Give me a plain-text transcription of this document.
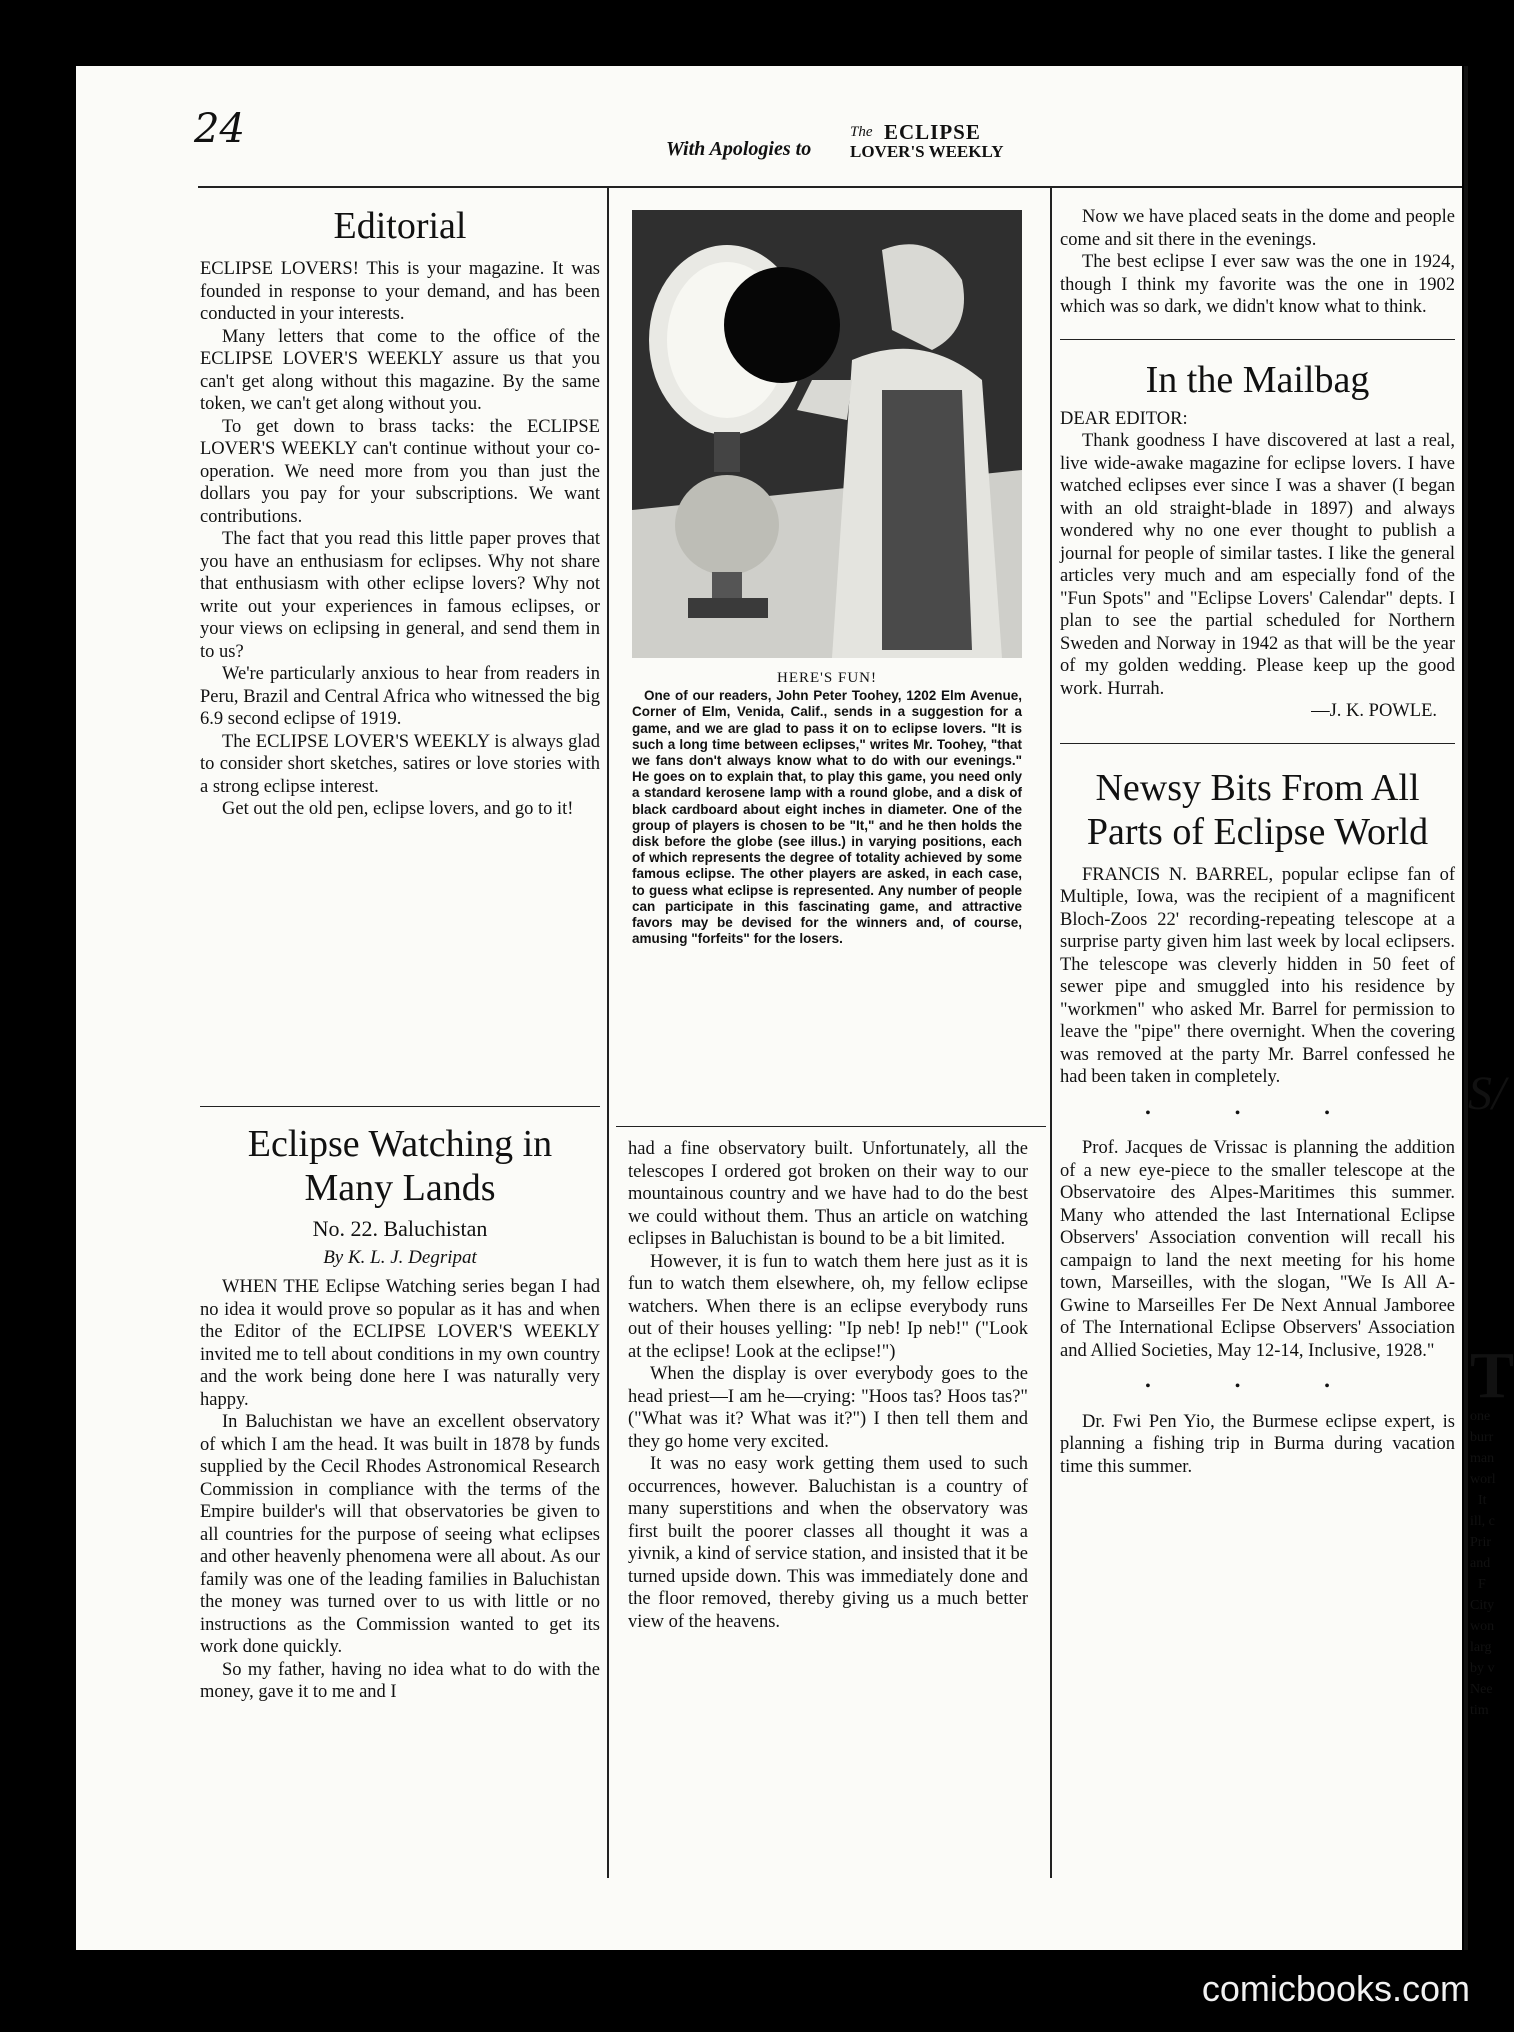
24	With Apologies to
The ECLIPSE
LOVER'S WEEKLY
Editorial

ECLIPSE LOVERS! This is your magazine. It was founded in response to your demand, and has been conducted in your interests.

Many letters that come to the office of the ECLIPSE LOVER'S WEEKLY assure us that you can't get along without this magazine. By the same token, we can't get along without you.

To get down to brass tacks: the ECLIPSE LOVER'S WEEKLY can't continue without your co-operation. We need more from you than just the dollars you pay for your subscriptions. We want contributions.

The fact that you read this little paper proves that you have an enthusiasm for eclipses. Why not share that enthusiasm with other eclipse lovers? Why not write out your experiences in famous eclipses, or your views on eclipsing in general, and send them in to us?

We're particularly anxious to hear from readers in Peru, Brazil and Central Africa who witnessed the big 6.9 second eclipse of 1919.

The ECLIPSE LOVER'S WEEKLY is always glad to consider short sketches, satires or love stories with a strong eclipse interest.

Get out the old pen, eclipse lovers, and go to it!

HERE'S FUN!

One of our readers, John Peter Toohey, 1202 Elm Avenue, Corner of Elm, Venida, Calif., sends in a suggestion for a game, and we are glad to pass it on to eclipse lovers. "It is such a long time between eclipses," writes Mr. Toohey, "that we fans don't always know what to do with our evenings." He goes on to explain that, to play this game, you need only a standard kerosene lamp with a round globe, and a disk of black cardboard about eight inches in diameter. One of the group of players is chosen to be "It," and he then holds the disk before the globe (see illus.) in varying positions, each of which represents the degree of totality achieved by some famous eclipse. The other players are asked, in each case, to guess what eclipse is represented. Any number of people can participate in this fascinating game, and attractive favors may be devised for the winners and, of course, amusing "forfeits" for the losers.

Eclipse Watching in
Many Lands
No. 22. Baluchistan
By K. L. J. Degripat

WHEN THE Eclipse Watching series began I had no idea it would prove so popular as it has and when the Editor of the ECLIPSE LOVER'S WEEKLY invited me to tell about conditions in my own country and the work being done here I was naturally very happy.

In Baluchistan we have an excellent observatory of which I am the head. It was built in 1878 by funds supplied by the Cecil Rhodes Astronomical Research Commission in compliance with the terms of the Empire builder's will that observatories be given to all countries for the purpose of seeing what eclipses and other heavenly phenomena were all about. As our family was one of the leading families in Baluchistan the money was turned over to us with little or no instructions as the Commission wanted to get its work done quickly.

So my father, having no idea what to do with the money, gave it to me and I

had a fine observatory built. Unfortunately, all the telescopes I ordered got broken on their way to our mountainous country and we have had to do the best we could without them. Thus an article on watching eclipses in Baluchistan is bound to be a bit limited.

However, it is fun to watch them here just as it is fun to watch them elsewhere, oh, my fellow eclipse watchers. When there is an eclipse everybody runs out of their houses yelling: "Ip neb! Ip neb!" ("Look at the eclipse! Look at the eclipse!")

When the display is over everybody goes to the head priest—I am he—crying: "Hoos tas? Hoos tas?" ("What was it? What was it?") I then tell them and they go home very excited.

It was no easy work getting them used to such occurrences, however. Baluchistan is a country of many superstitions and when the observatory was first built the poorer classes all thought it was a yivnik, a kind of service station, and insisted that it be turned upside down. This was immediately done and the floor removed, thereby giving us a much better view of the heavens.

Now we have placed seats in the dome and people come and sit there in the evenings.

The best eclipse I ever saw was the one in 1924, though I think my favorite was the one in 1902 which was so dark, we didn't know what to think.

In the Mailbag
DEAR EDITOR:

Thank goodness I have discovered at last a real, live wide-awake magazine for eclipse lovers. I have watched eclipses ever since I was a shaver (I began with an old straight-blade in 1897) and always wondered why no one ever thought to publish a journal for people of similar tastes. I like the general articles very much and am especially fond of the "Fun Spots" and "Eclipse Lovers' Calendar" depts. I plan to see the partial scheduled for Northern Sweden and Norway in 1942 as that will be the year of my golden wedding. Please keep up the good work. Hurrah.

—J. K. POWLE.
Newsy Bits From All
Parts of Eclipse World

FRANCIS N. BARREL, popular eclipse fan of Multiple, Iowa, was the recipient of a magnificent Bloch-Zoos 22' recording-repeating telescope at a surprise party given him last week by local eclipsers. The telescope was cleverly hidden in 50 feet of sewer pipe and smuggled into his residence by "workmen" who asked Mr. Barrel for permission to leave the "pipe" there overnight. When the covering was removed at the party Mr. Barrel confessed he had been taken in completely.

• • •

Prof. Jacques de Vrissac is planning the addition of a new eye-piece to the smaller telescope at the Observatoire des Alpes-Maritimes this summer. Many who attended the last International Eclipse Observers' Association convention will recall his campaign to land the next meeting for his home town, Marseilles, with the slogan, "We Is All A-Gwine to Marseilles Fer De Next Annual Jamboree of The International Eclipse Observers' Association and Allied Societies, May 12-14, Inclusive, 1928."

• • •

Dr. Fwi Pen Yio, the Burmese eclipse expert, is planning a fishing trip in Burma during vacation time this summer.

S/
T
one
burr
man
worl
It
ill, c
Prir
and
F
City
won
larg
by v
Nee
tim
comicbooks.com
